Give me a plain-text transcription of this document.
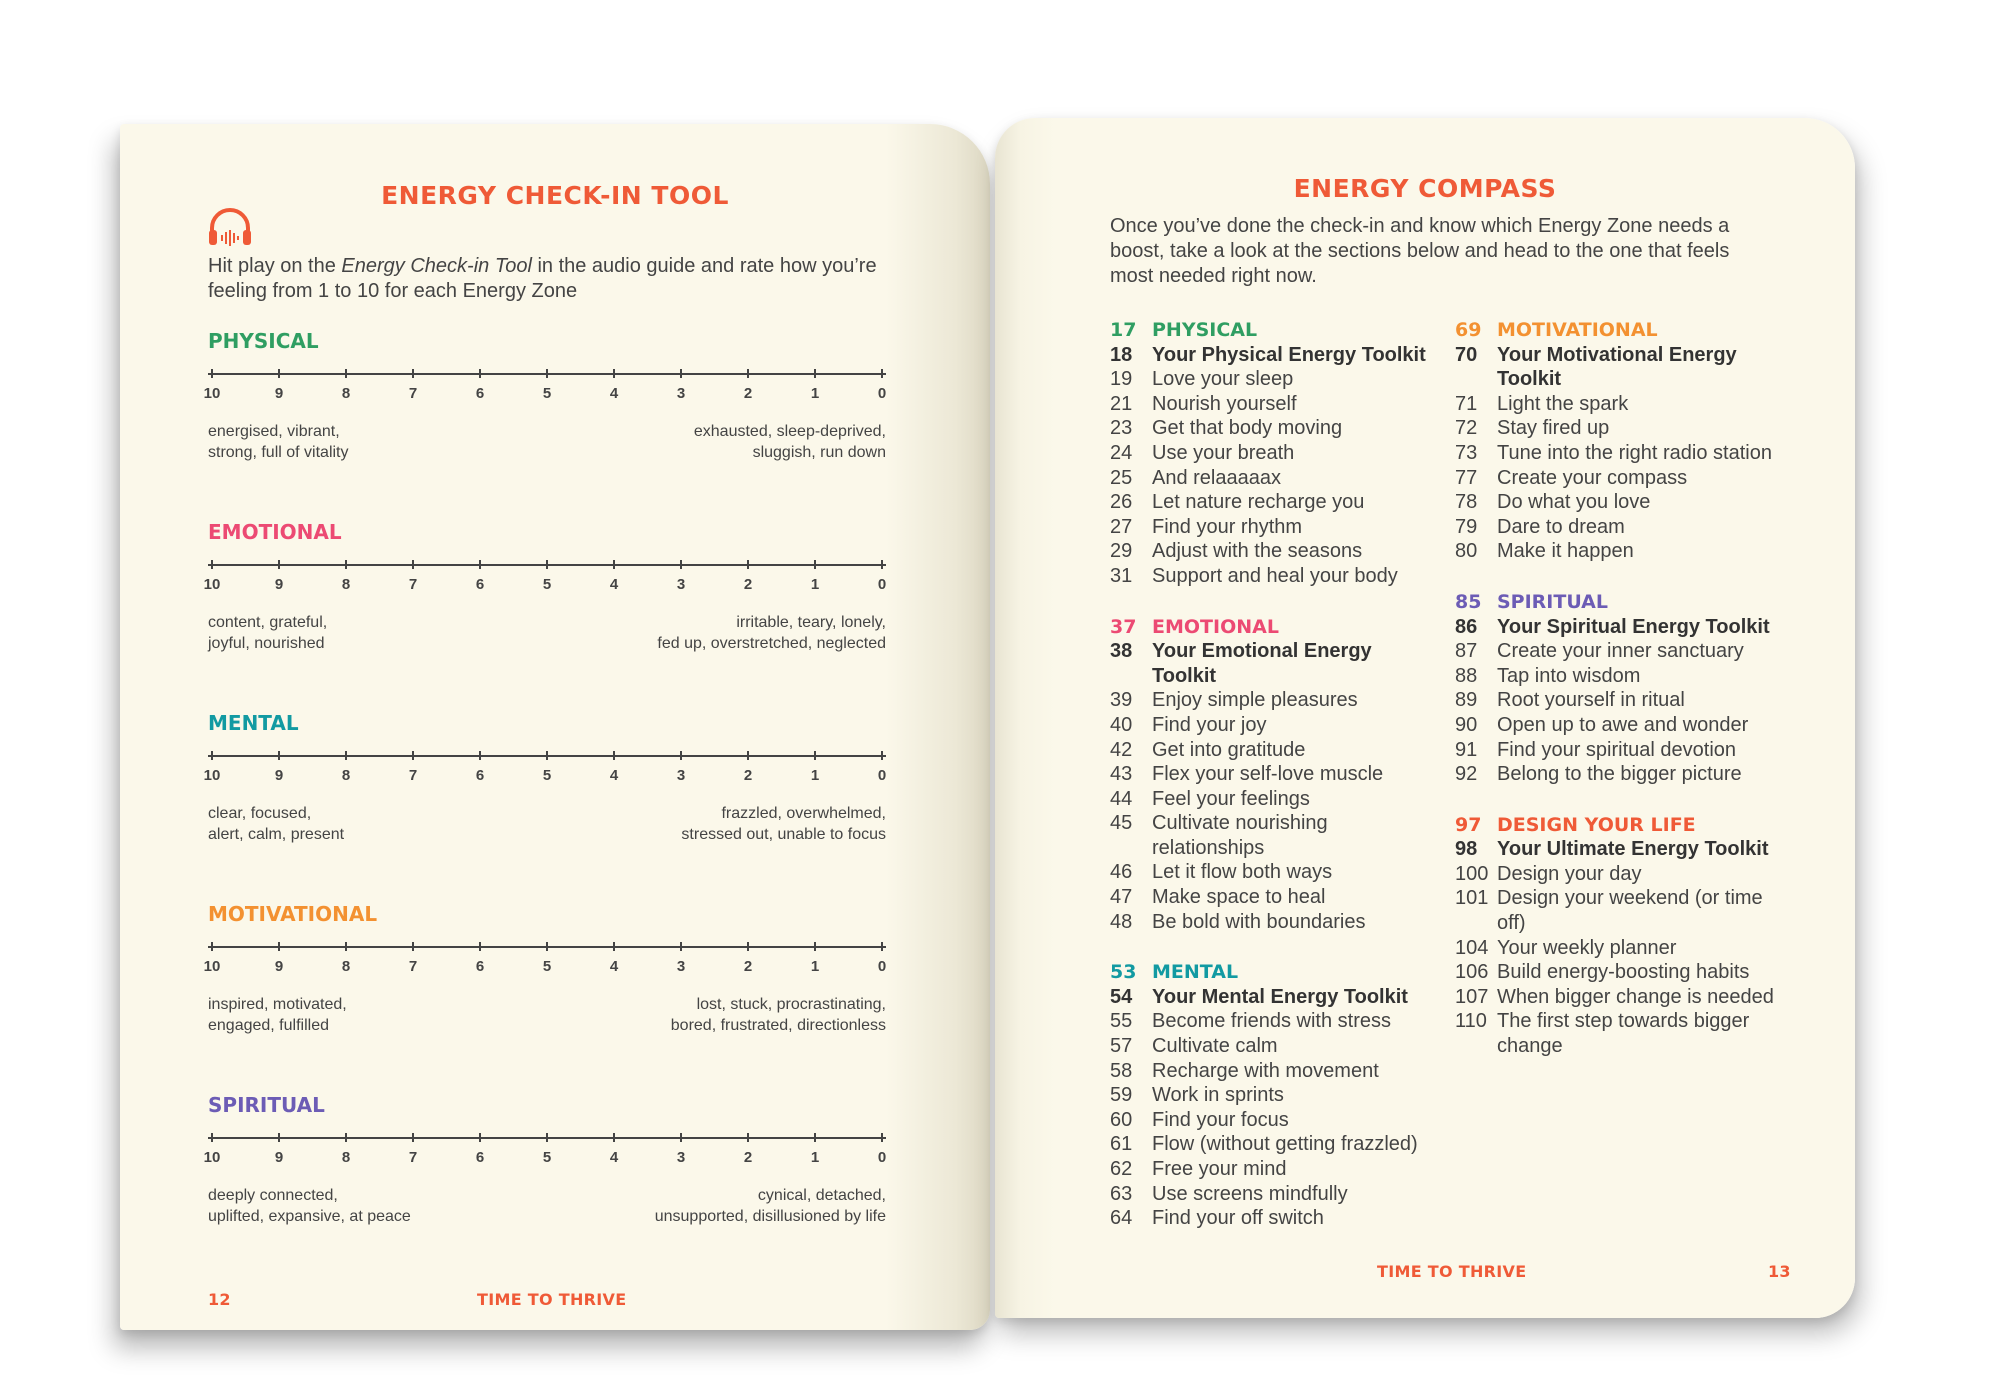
ENERGY CHECK-IN TOOL
Hit play on the Energy Check-in Tool in the audio guide and rate how you’re feeling from 1 to 10 for each Energy Zone
PHYSICAL
10	9	8	7	6	5	4	3	2	1	0
energised, vibrant,
strong, full of vitality
exhausted, sleep-deprived,
sluggish, run down
EMOTIONAL
10	9	8	7	6	5	4	3	2	1	0
content, grateful,
joyful, nourished
irritable, teary, lonely,
fed up, overstretched, neglected
MENTAL
10	9	8	7	6	5	4	3	2	1	0
clear, focused,
alert, calm, present
frazzled, overwhelmed,
stressed out, unable to focus
MOTIVATIONAL
10	9	8	7	6	5	4	3	2	1	0
inspired, motivated,
engaged, fulfilled
lost, stuck, procrastinating,
bored, frustrated, directionless
SPIRITUAL
10	9	8	7	6	5	4	3	2	1	0
deeply connected,
uplifted, expansive, at peace
cynical, detached,
unsupported, disillusioned by life
12	TIME TO THRIVE
ENERGY COMPASS
Once you’ve done the check-in and know which Energy Zone needs a boost, take a look at the sections below and head to the one that feels most needed right now.
17 PHYSICAL
18 Your Physical Energy Toolkit
19 Love your sleep
21 Nourish yourself
23 Get that body moving
24 Use your breath
25 And relaaaaax
26 Let nature recharge you
27 Find your rhythm
29 Adjust with the seasons
31 Support and heal your body
37 EMOTIONAL
38 Your Emotional Energy Toolkit
39 Enjoy simple pleasures
40 Find your joy
42 Get into gratitude
43 Flex your self-love muscle
44 Feel your feelings
45 Cultivate nourishing relationships
46 Let it flow both ways
47 Make space to heal
48 Be bold with boundaries
53 MENTAL
54 Your Mental Energy Toolkit
55 Become friends with stress
57 Cultivate calm
58 Recharge with movement
59 Work in sprints
60 Find your focus
61 Flow (without getting frazzled)
62 Free your mind
63 Use screens mindfully
64 Find your off switch
69 MOTIVATIONAL
70 Your Motivational Energy Toolkit
71 Light the spark
72 Stay fired up
73 Tune into the right radio station
77 Create your compass
78 Do what you love
79 Dare to dream
80 Make it happen
85 SPIRITUAL
86 Your Spiritual Energy Toolkit
87 Create your inner sanctuary
88 Tap into wisdom
89 Root yourself in ritual
90 Open up to awe and wonder
91 Find your spiritual devotion
92 Belong to the bigger picture
97 DESIGN YOUR LIFE
98 Your Ultimate Energy Toolkit
100 Design your day
101 Design your weekend (or time off)
104 Your weekly planner
106 Build energy-boosting habits
107 When bigger change is needed
110 The first step towards bigger change
TIME TO THRIVE	13
